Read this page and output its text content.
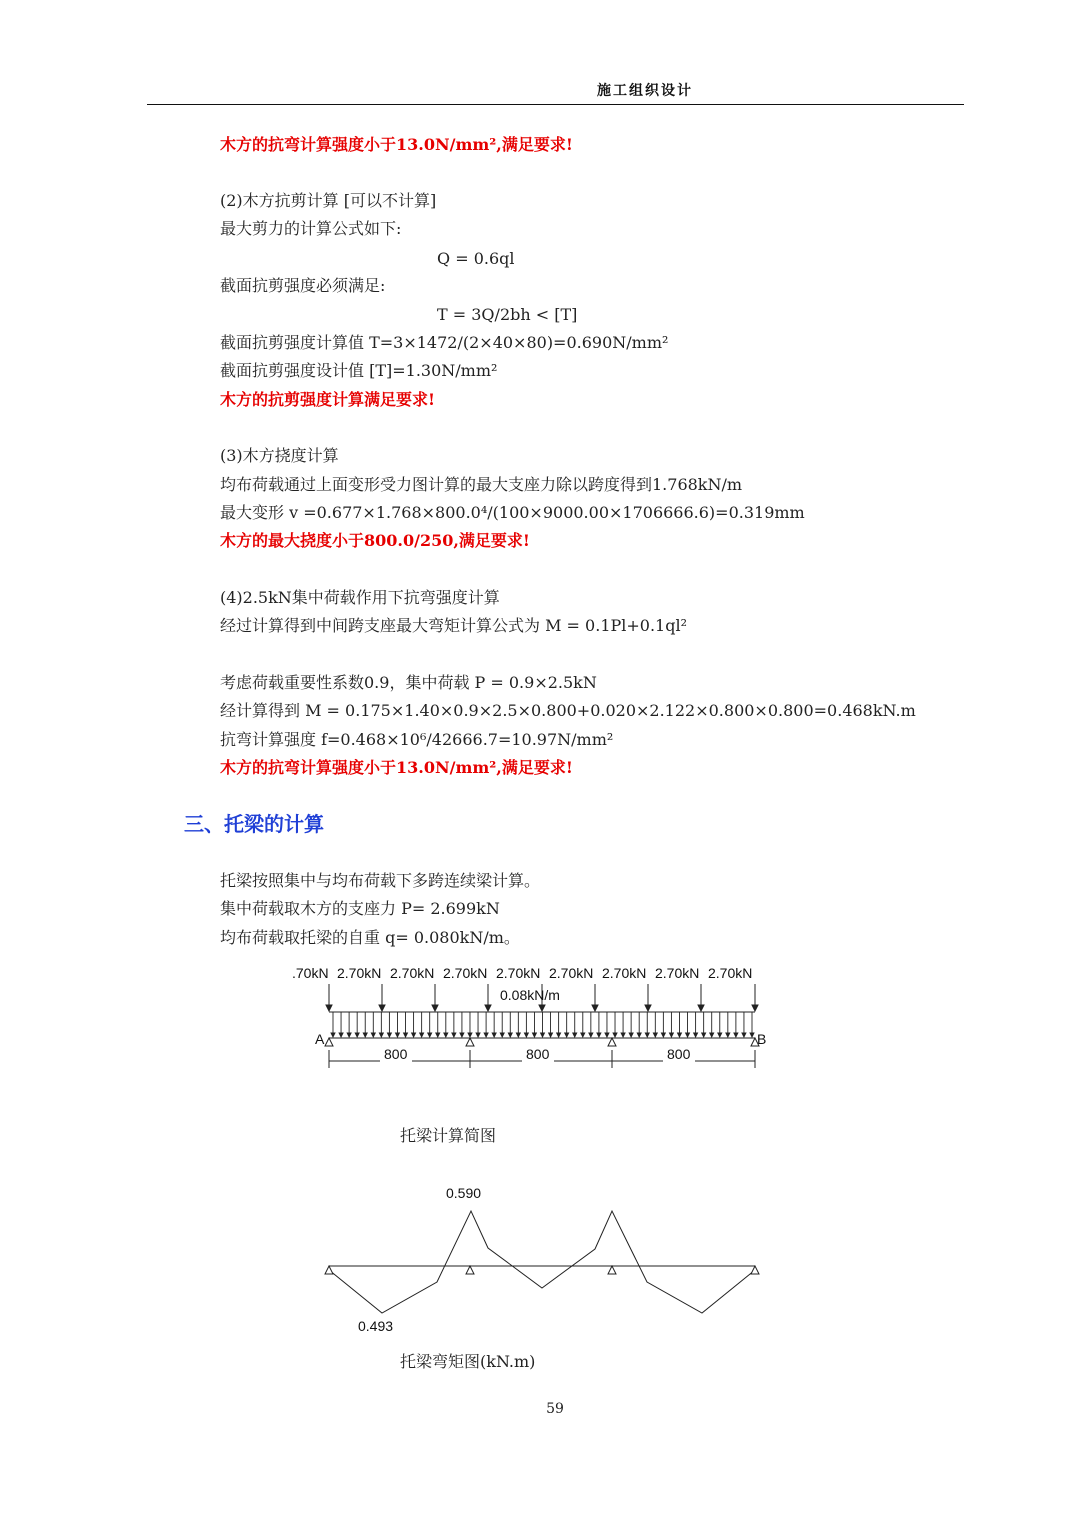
施工组织设计
木方的抗弯计算强度小于13.0N/mm²,满足要求!
(2)木方抗剪计算 [可以不计算]
最大剪力的计算公式如下:
Q = 0.6ql
截面抗剪强度必须满足:
T = 3Q/2bh < [T]
截面抗剪强度计算值 T=3×1472/(2×40×80)=0.690N/mm²
截面抗剪强度设计值 [T]=1.30N/mm²
木方的抗剪强度计算满足要求!
(3)木方挠度计算
均布荷载通过上面变形受力图计算的最大支座力除以跨度得到1.768kN/m
最大变形 v =0.677×1.768×800.0⁴/(100×9000.00×1706666.6)=0.319mm
木方的最大挠度小于800.0/250,满足要求!
(4)2.5kN集中荷载作用下抗弯强度计算
经过计算得到中间跨支座最大弯矩计算公式为 M = 0.1Pl+0.1ql²
考虑荷载重要性系数0.9，集中荷载 P = 0.9×2.5kN
经计算得到 M = 0.175×1.40×0.9×2.5×0.800+0.020×2.122×0.800×0.800=0.468kN.m
抗弯计算强度 f=0.468×10⁶/42666.7=10.97N/mm²
木方的抗弯计算强度小于13.0N/mm²,满足要求!
三、托梁的计算
托梁按照集中与均布荷载下多跨连续梁计算。
集中荷载取木方的支座力 P= 2.699kN
均布荷载取托梁的自重 q= 0.080kN/m。
.70kN 2.70kN 2.70kN 2.70kN 2.70kN 2.70kN 2.70kN 2.70kN 2.70kN
0.08kN/m
A	B
800	800	800
托梁计算简图
0.590
0.493
托梁弯矩图(kN.m)
59
